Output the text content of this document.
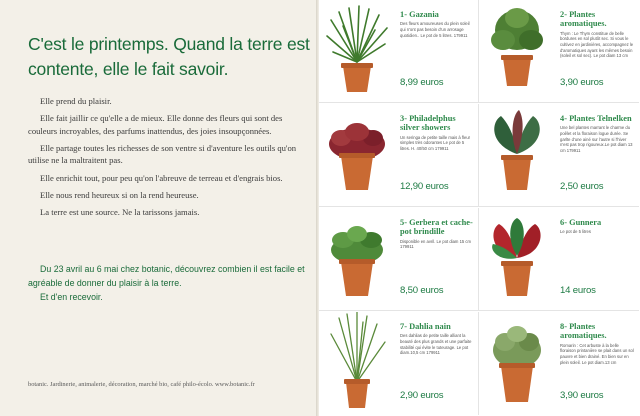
C'est le printemps. Quand la terre est contente, elle le fait savoir.

Elle prend du plaisir.

Elle fait jaillir ce qu'elle a de mieux. Elle donne des fleurs qui sont des couleurs incroyables, des parfums inattendus, des joies insoupçonnées.

Elle partage toutes les richesses de son ventre si d'aventure les outils qu'on utilise ne la maltraitent pas.

Elle enrichit tout, pour peu qu'on l'abreuve de terreau et d'engrais bios.

Elle nous rend heureux si on la rend heureuse.

La terre est une source. Ne la tarissons jamais.

Du 23 avril au 6 mai chez botanic, découvrez combien il est facile et agréable de donner du plaisir à la terre.

Et d'en recevoir.

botanic. Jardinerie, animalerie, décoration, marché bio, café philo-écolo. www.botanic.fr

1- Gazania

Des fleurs amoureuses du plein soleil qui n'ont pas besoin d'un arrosage quotidien.. Le pot de 5 litres. 179911
8,99 euros

2- Plantes aromatiques.

Thym : Le Thym constitue de belle bordures en sol plutôt sec. Si vous le cultivez en jardinières, accompagnez le d'aromatiques ayant les mêmes besoin (soleil et sol sec). Le pot diam 13 cm
3,90 euros

3- Philadelphus silver showers

Un seringa de petite taille mais à fleur simples très odorantes Le pot de 5 litres. H. 40/50 cm 179911
12,90 euros

4- Plantes Telnelken

Une bel plantes marrant le charme du poêlet et la floraison logue durée. Se garlte d'une ainé sur l'autre si l'hiver n'est pas trop rigoureux.Le pot diam 13 cm 179911
2,50 euros

5- Gerbera et cache-pot brindille

Disponible en avril. Le pot diam 15 cm 179911
8,50 euros

6- Gunnera

Le pot de 5 litres
14 euros

7- Dahlia nain

Des dahlias de petite taille alliant la beauté des plus grands et une parfaite stabilité qui évite le tuteurage. Le pot diam.10,5 cm 179911
2,90 euros

8- Plantes aromatiques.

Romarin : Cet arbuste à la belle floraison printanière se plait dans un sol pauvre et bien drainé. En bien sur en plein soleil. Le pot diam.13 cm
3,90 euros
